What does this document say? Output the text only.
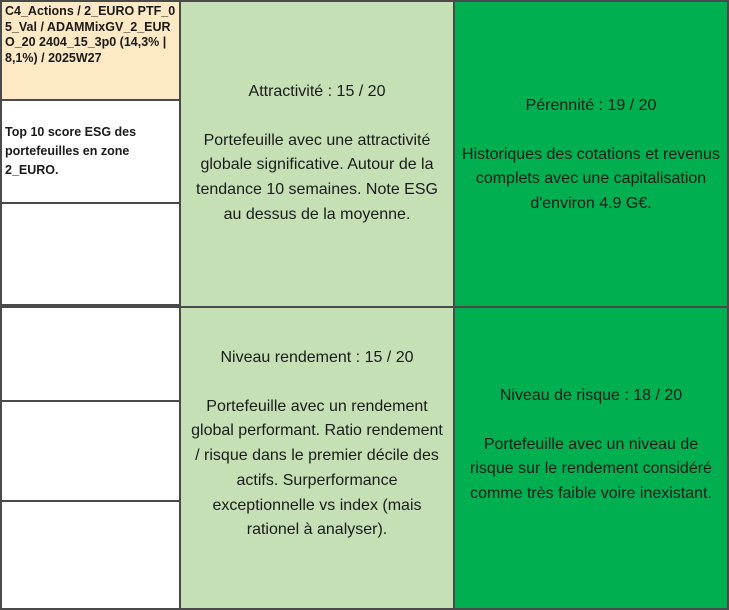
C4_Actions / 2_EURO PTF_05_Val / ADAMMixGV_2_EURO_20 2404_15_3p0 (14,3% | 8,1%) / 2025W27
Top 10 score ESG des portefeuilles en zone 2_EURO.
Attractivité : 15 / 20
Portefeuille avec une attractivité globale significative. Autour de la tendance 10 semaines. Note ESG au dessus de la moyenne.
Pérennité : 19 / 20
Historiques des cotations et revenus complets avec une capitalisation d'environ 4.9 G€.
Niveau rendement : 15 / 20
Portefeuille avec un rendement global performant. Ratio rendement / risque dans le premier décile des actifs. Surperformance exceptionnelle vs index (mais rationel à analyser).
Niveau de risque : 18 / 20
Portefeuille avec un niveau de risque sur le rendement considéré comme très faible voire inexistant.
